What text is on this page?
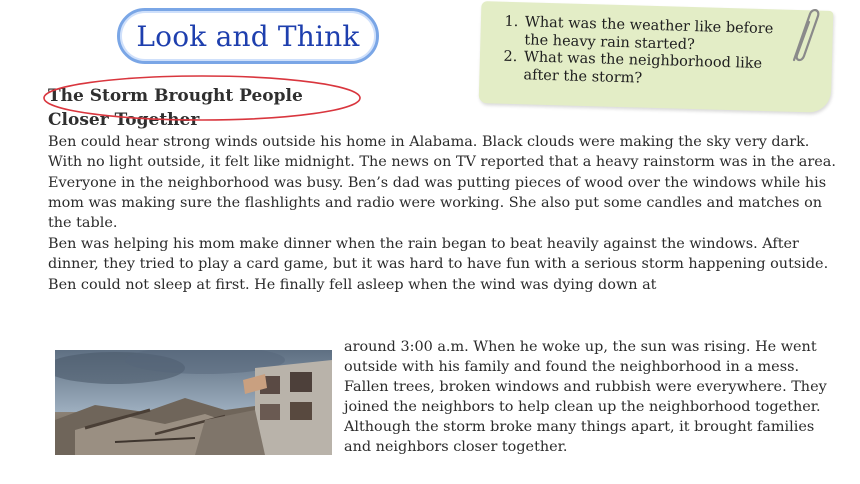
Look and Think
1.	What was the weather like before the heavy rain started?
2. What was the neighborhood like after the storm?
The Storm Brought People
Closer Together

Ben could hear strong winds outside his home in Alabama. Black clouds were making the sky very dark. With no light outside, it felt like midnight. The news on TV reported that a heavy rainstorm was in the area.

Everyone in the neighborhood was busy. Ben’s dad was putting pieces of wood over the windows while his mom was making sure the flashlights and radio were working. She also put some candles and matches on the table.

Ben was helping his mom make dinner when the rain began to beat heavily against the windows. After dinner, they tried to play a card game, but it was hard to have fun with a serious storm happening outside.

Ben could not sleep at first. He finally fell asleep when the wind was dying down at

around 3:00 a.m. When he woke up, the sun was rising. He went outside with his family and found the neighborhood in a mess. Fallen trees, broken windows and rubbish were everywhere. They joined the neighbors to help clean up the neighborhood together. Although the storm broke many things apart, it brought families and neighbors closer together.
